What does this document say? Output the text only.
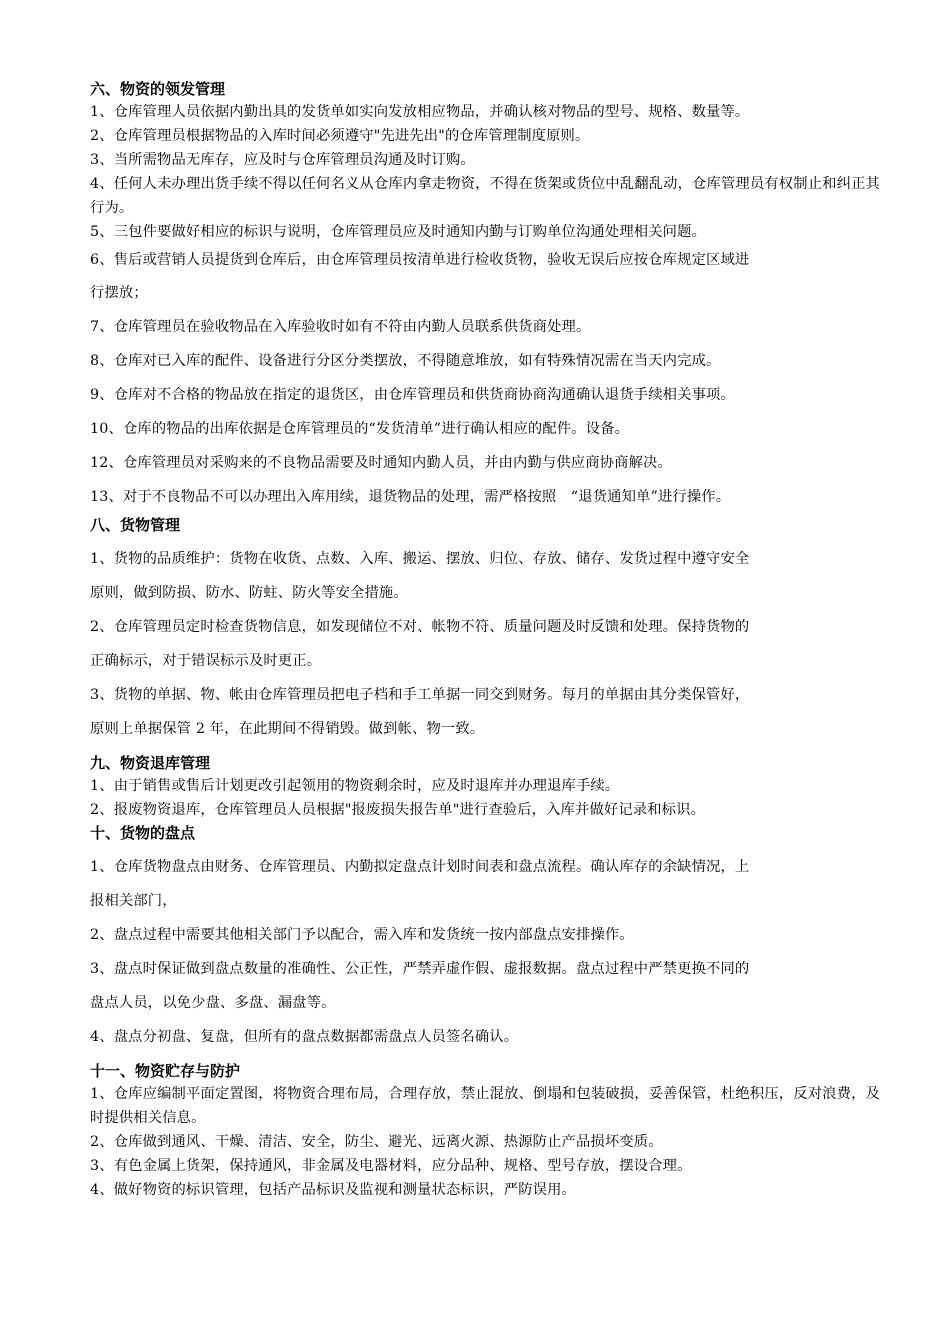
六、物资的领发管理
1、仓库管理人员依据内勤出具的发货单如实向发放相应物品，并确认核对物品的型号、规格、数量等。
2、仓库管理员根据物品的入库时间必须遵守"先进先出"的仓库管理制度原则。
3、当所需物品无库存，应及时与仓库管理员沟通及时订购。
4、任何人未办理出货手续不得以任何名义从仓库内拿走物资，不得在货架或货位中乱翻乱动，仓库管理员有权制止和纠正其行为。
5、三包件要做好相应的标识与说明，仓库管理员应及时通知内勤与订购单位沟通处理相关问题。
6、售后或营销人员提货到仓库后，由仓库管理员按清单进行检收货物，验收无误后应按仓库规定区域进
行摆放；
7、仓库管理员在验收物品在入库验收时如有不符由内勤人员联系供货商处理。
8、仓库对已入库的配件、设备进行分区分类摆放，不得随意堆放，如有特殊情况需在当天内完成。
9、仓库对不合格的物品放在指定的退货区，由仓库管理员和供货商协商沟通确认退货手续相关事项。
10、仓库的物品的出库依据是仓库管理员的“发货清单”进行确认相应的配件。设备。
12、仓库管理员对采购来的不良物品需要及时通知内勤人员，并由内勤与供应商协商解决。
13、对于不良物品不可以办理出入库用续，退货物品的处理，需严格按照　“退货通知单”进行操作。
八、货物管理
1、货物的品质维护：货物在收货、点数、入库、搬运、摆放、归位、存放、储存、发货过程中遵守安全
原则，做到防损、防水、防蛀、防火等安全措施。
2、仓库管理员定时检查货物信息，如发现储位不对、帐物不符、质量问题及时反馈和处理。保持货物的
正确标示，对于错误标示及时更正。
3、货物的单据、物、帐由仓库管理员把电子档和手工单据一同交到财务。每月的单据由其分类保管好，
原则上单据保管 2 年，在此期间不得销毁。做到帐、物一致。
九、物资退库管理
1、由于销售或售后计划更改引起领用的物资剩余时，应及时退库并办理退库手续。
2、报废物资退库，仓库管理员人员根据"报废损失报告单"进行查验后，入库并做好记录和标识。
十、货物的盘点
1、仓库货物盘点由财务、仓库管理员、内勤拟定盘点计划时间表和盘点流程。确认库存的余缺情况，上
报相关部门，
2、盘点过程中需要其他相关部门予以配合，需入库和发货统一按内部盘点安排操作。
3、盘点时保证做到盘点数量的准确性、公正性，严禁弄虚作假、虚报数据。盘点过程中严禁更换不同的
盘点人员，以免少盘、多盘、漏盘等。
4、盘点分初盘、复盘，但所有的盘点数据都需盘点人员签名确认。
十一、物资贮存与防护
1、仓库应编制平面定置图，将物资合理布局，合理存放，禁止混放、倒塌和包装破损，妥善保管，杜绝积压，反对浪费，及时提供相关信息。
2、仓库做到通风、干燥、清洁、安全，防尘、避光、远离火源、热源防止产品损坏变质。
3、有色金属上货架，保持通风，非金属及电器材料，应分品种、规格、型号存放，摆设合理。
4、做好物资的标识管理，包括产品标识及监视和测量状态标识，严防误用。
